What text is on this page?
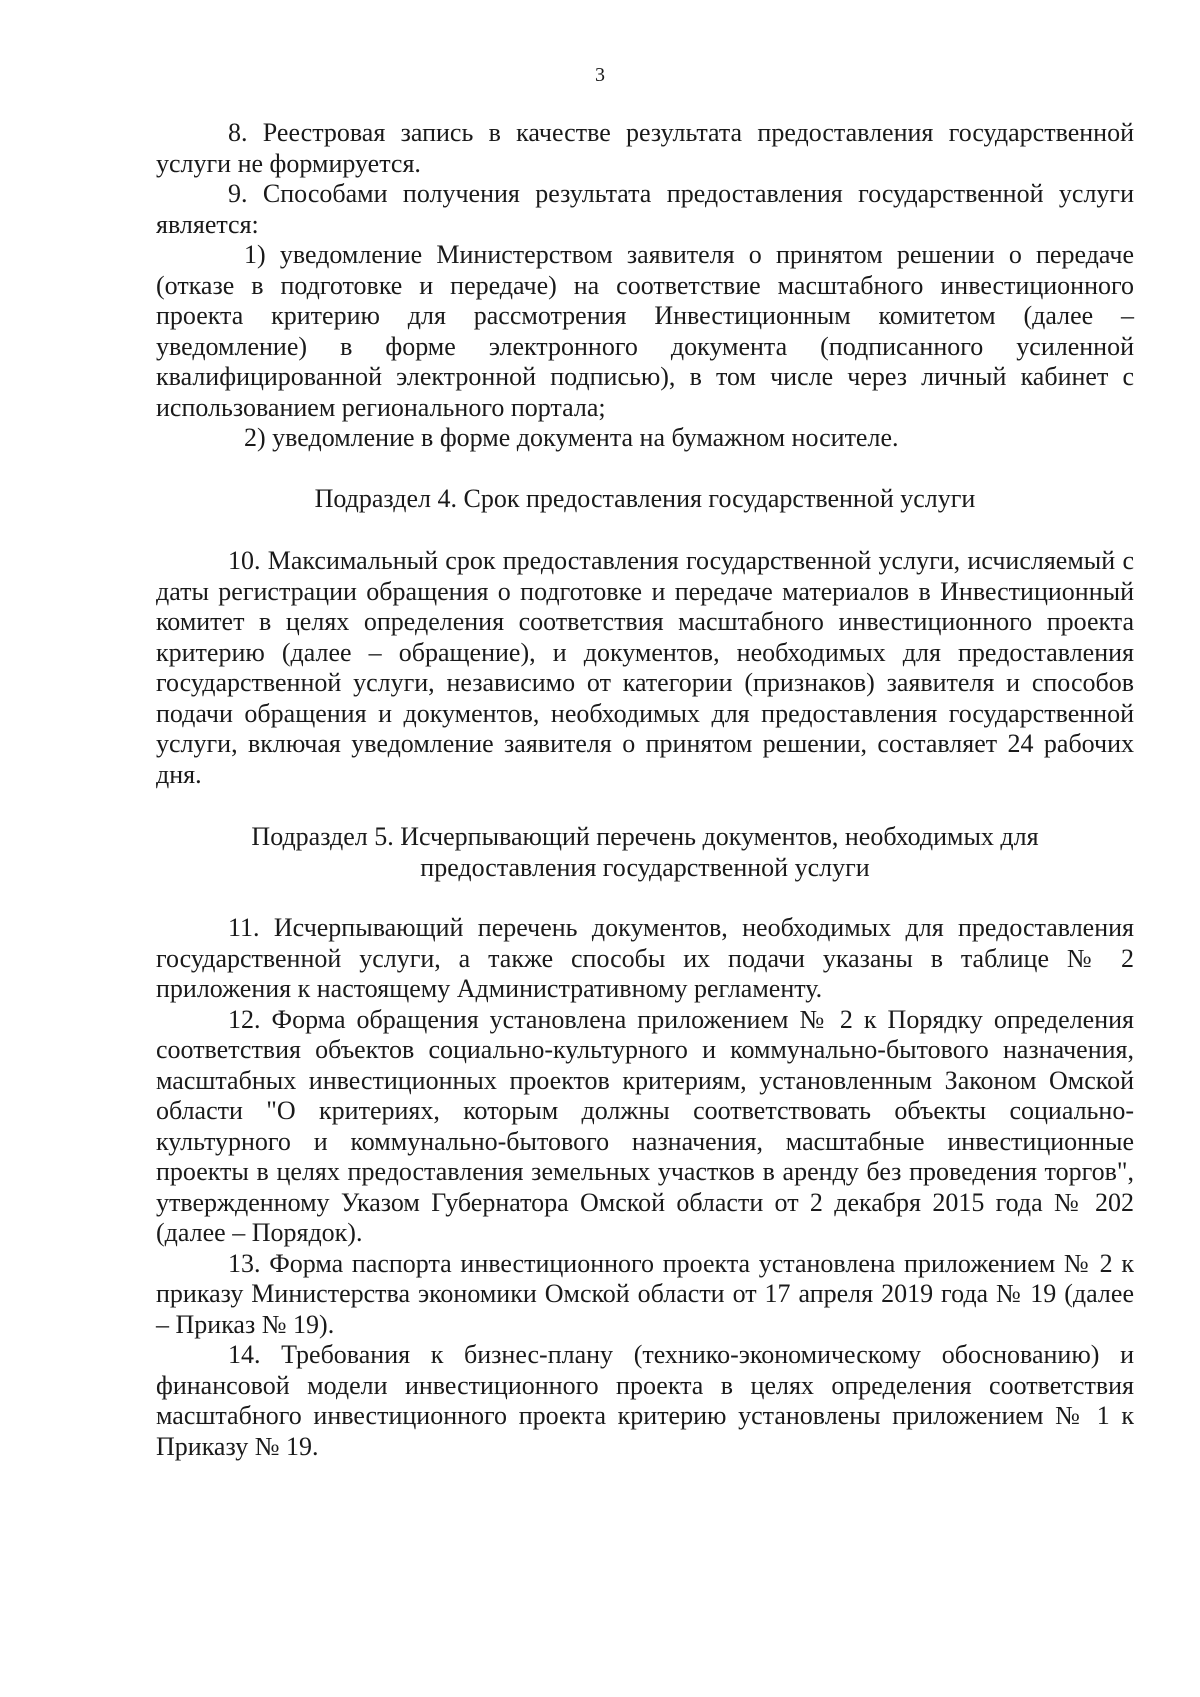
3

8. Реестровая запись в качестве результата предоставления государственной услуги не формируется.

9. Способами получения результата предоставления государственной услуги является:

1) уведомление Министерством заявителя о принятом решении о передаче (отказе в подготовке и передаче) на соответствие масштабного инвестиционного проекта критерию для рассмотрения Инвестиционным комитетом (далее – уведомление) в форме электронного документа (подписанного усиленной квалифицированной электронной подписью), в том числе через личный кабинет с использованием регионального портала;

2) уведомление в форме документа на бумажном носителе.

Подраздел 4. Срок предоставления государственной услуги

10. Максимальный срок предоставления государственной услуги, исчисляемый с даты регистрации обращения о подготовке и передаче материалов в Инвестиционный комитет в целях определения соответствия масштабного инвестиционного проекта критерию (далее – обращение), и документов, необходимых для предоставления государственной услуги, независимо от категории (признаков) заявителя и способов подачи обращения и документов, необходимых для предоставления государственной услуги, включая уведомление заявителя о принятом решении, составляет 24 рабочих дня.

Подраздел 5. Исчерпывающий перечень документов, необходимых для предоставления государственной услуги

11. Исчерпывающий перечень документов, необходимых для предоставления государственной услуги, а также способы их подачи указаны в таблице № 2 приложения к настоящему Административному регламенту.

12. Форма обращения установлена приложением № 2 к Порядку определения соответствия объектов социально-культурного и коммунально-бытового назначения, масштабных инвестиционных проектов критериям, установленным Законом Омской области "О критериях, которым должны соответствовать объекты социально-культурного и коммунально-бытового назначения, масштабные инвестиционные проекты в целях предоставления земельных участков в аренду без проведения торгов", утвержденному Указом Губернатора Омской области от 2 декабря 2015 года № 202 (далее – Порядок).

13. Форма паспорта инвестиционного проекта установлена приложением № 2 к приказу Министерства экономики Омской области от 17 апреля 2019 года № 19 (далее – Приказ № 19).

14. Требования к бизнес-плану (технико-экономическому обоснованию) и финансовой модели инвестиционного проекта в целях определения соответствия масштабного инвестиционного проекта критерию установлены приложением № 1 к Приказу № 19.
